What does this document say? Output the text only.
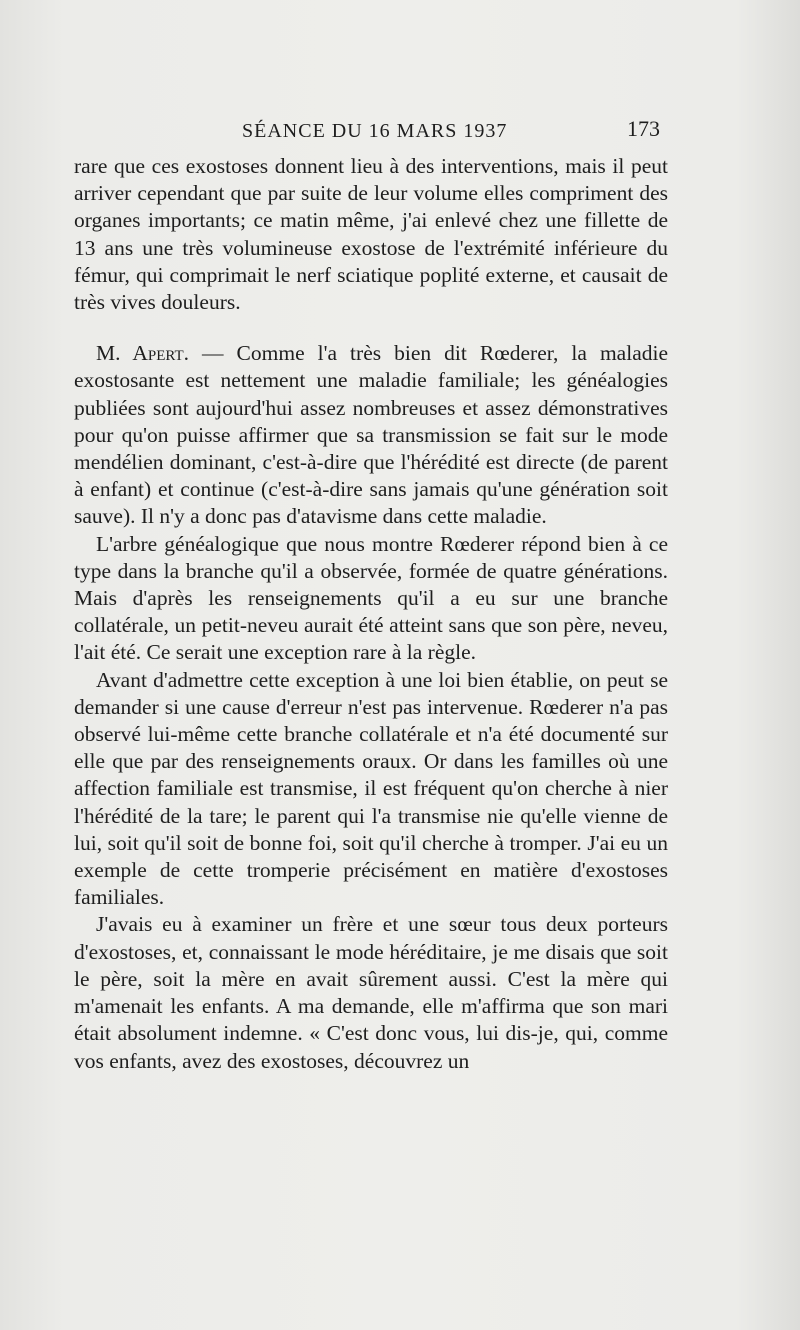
SÉANCE DU 16 MARS 1937	173

rare que ces exostoses donnent lieu à des interventions, mais il peut arriver cependant que par suite de leur volume elles compriment des organes importants; ce matin même, j'ai enlevé chez une fillette de 13 ans une très volumineuse exostose de l'extrémité inférieure du fémur, qui comprimait le nerf sciatique poplité externe, et causait de très vives douleurs.

M. Apert. — Comme l'a très bien dit Rœderer, la maladie exostosante est nettement une maladie familiale; les généalogies publiées sont aujourd'hui assez nombreuses et assez démonstratives pour qu'on puisse affirmer que sa transmission se fait sur le mode mendélien dominant, c'est-à-dire que l'hérédité est directe (de parent à enfant) et continue (c'est-à-dire sans jamais qu'une génération soit sauve). Il n'y a donc pas d'atavisme dans cette maladie.

L'arbre généalogique que nous montre Rœderer répond bien à ce type dans la branche qu'il a observée, formée de quatre générations. Mais d'après les renseignements qu'il a eu sur une branche collatérale, un petit-neveu aurait été atteint sans que son père, neveu, l'ait été. Ce serait une exception rare à la règle.

Avant d'admettre cette exception à une loi bien établie, on peut se demander si une cause d'erreur n'est pas intervenue. Rœderer n'a pas observé lui-même cette branche collatérale et n'a été documenté sur elle que par des renseignements oraux. Or dans les familles où une affection familiale est transmise, il est fréquent qu'on cherche à nier l'hérédité de la tare; le parent qui l'a transmise nie qu'elle vienne de lui, soit qu'il soit de bonne foi, soit qu'il cherche à tromper. J'ai eu un exemple de cette tromperie précisément en matière d'exostoses familiales.

J'avais eu à examiner un frère et une sœur tous deux porteurs d'exostoses, et, connaissant le mode héréditaire, je me disais que soit le père, soit la mère en avait sûrement aussi. C'est la mère qui m'amenait les enfants. A ma demande, elle m'affirma que son mari était absolument indemne. « C'est donc vous, lui dis-je, qui, comme vos enfants, avez des exostoses, découvrez un
